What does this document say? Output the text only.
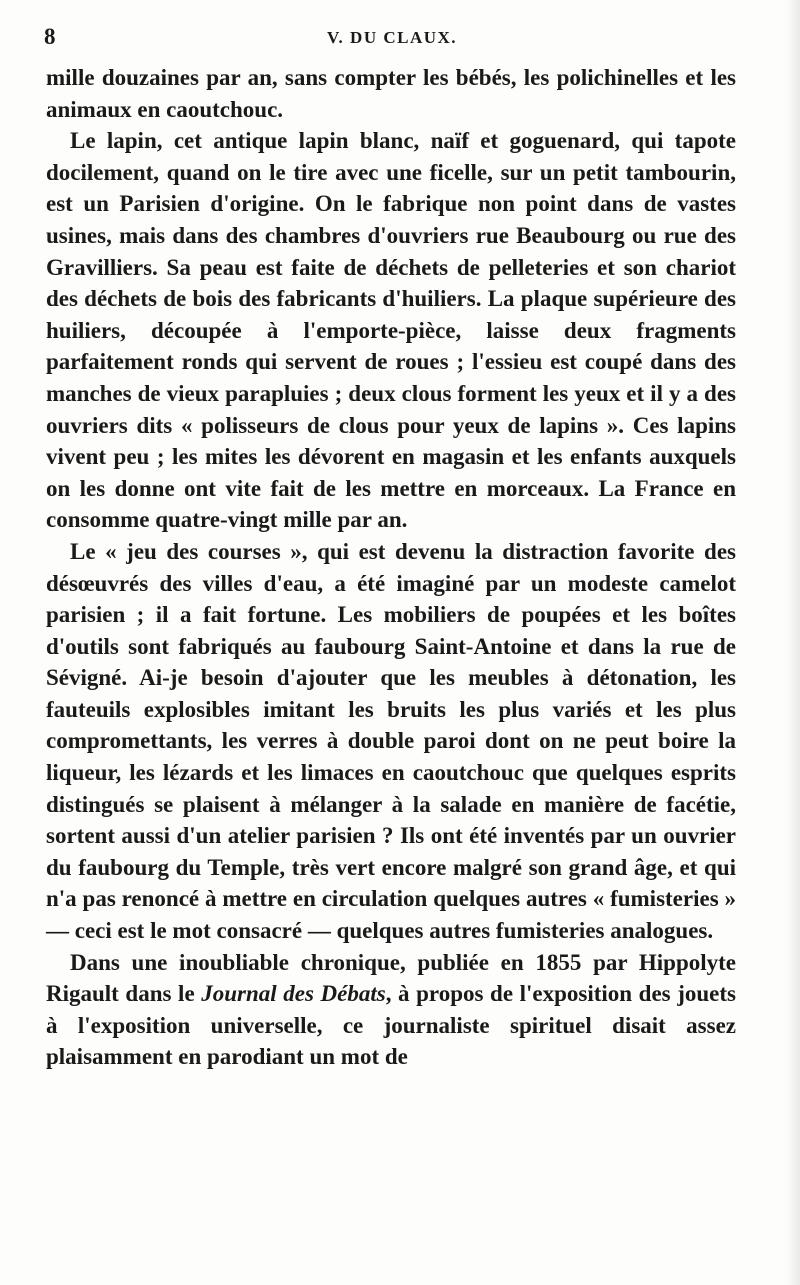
8	V. DU CLAUX.

mille douzaines par an, sans compter les bébés, les polichinelles et les animaux en caoutchouc.

Le lapin, cet antique lapin blanc, naïf et goguenard, qui tapote docilement, quand on le tire avec une ficelle, sur un petit tambourin, est un Parisien d'origine. On le fabrique non point dans de vastes usines, mais dans des chambres d'ouvriers rue Beaubourg ou rue des Gravilliers. Sa peau est faite de déchets de pelleteries et son chariot des déchets de bois des fabricants d'huiliers. La plaque supérieure des huiliers, découpée à l'emporte-pièce, laisse deux fragments parfaitement ronds qui servent de roues ; l'essieu est coupé dans des manches de vieux parapluies ; deux clous forment les yeux et il y a des ouvriers dits « polisseurs de clous pour yeux de lapins ». Ces lapins vivent peu ; les mites les dévorent en magasin et les enfants auxquels on les donne ont vite fait de les mettre en morceaux. La France en consomme quatre-vingt mille par an.

Le « jeu des courses », qui est devenu la distraction favorite des désœuvrés des villes d'eau, a été imaginé par un modeste camelot parisien ; il a fait fortune. Les mobiliers de poupées et les boîtes d'outils sont fabriqués au faubourg Saint-Antoine et dans la rue de Sévigné. Ai-je besoin d'ajouter que les meubles à détonation, les fauteuils explosibles imitant les bruits les plus variés et les plus compromettants, les verres à double paroi dont on ne peut boire la liqueur, les lézards et les limaces en caoutchouc que quelques esprits distingués se plaisent à mélanger à la salade en manière de facétie, sortent aussi d'un atelier parisien ? Ils ont été inventés par un ouvrier du faubourg du Temple, très vert encore malgré son grand âge, et qui n'a pas renoncé à mettre en circulation quelques autres « fumisteries » — ceci est le mot consacré — quelques autres fumisteries analogues.

Dans une inoubliable chronique, publiée en 1855 par Hippolyte Rigault dans le Journal des Débats, à propos de l'exposition des jouets à l'exposition universelle, ce journaliste spirituel disait assez plaisamment en parodiant un mot de
